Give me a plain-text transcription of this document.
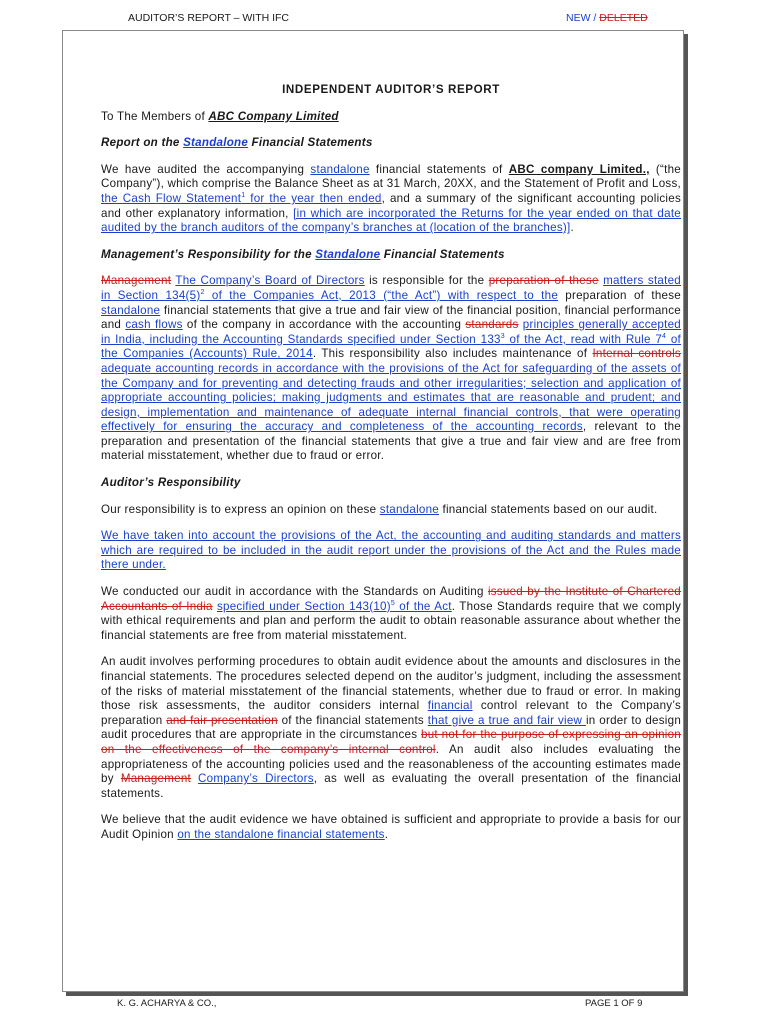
AUDITOR’S REPORT – WITH IFC	NEW / DELETED

INDEPENDENT AUDITOR’S REPORT

To The Members of ABC Company Limited

Report on the Standalone Financial Statements

We have audited the accompanying standalone financial statements of ABC company Limited., (“the Company”), which comprise the Balance Sheet as at 31 March, 20XX, and the Statement of Profit and Loss, the Cash Flow Statement$^1$ for the year then ended, and a summary of the significant accounting policies and other explanatory information, [in which are incorporated the Returns for the year ended on that date audited by the branch auditors of the company’s branches at (location of the branches)].

Management’s Responsibility for the Standalone Financial Statements

Management The Company’s Board of Directors is responsible for the preparation of these matters stated in Section $134(5)^2$ of the Companies Act, 2013 (“the Act”) with respect to the preparation of these standalone financial statements that give a true and fair view of the financial position, financial performance and cash flows of the company in accordance with the accounting standards principles generally accepted in India, including the Accounting Standards specified under Section $133^3$ of the Act, read with Rule $7^4$ of the Companies (Accounts) Rule, 2014. This responsibility also includes maintenance of Internal controls adequate accounting records in accordance with the provisions of the Act for safeguarding of the assets of the Company and for preventing and detecting frauds and other irregularities; selection and application of appropriate accounting policies; making judgments and estimates that are reasonable and prudent; and design, implementation and maintenance of adequate internal financial controls, that were operating effectively for ensuring the accuracy and completeness of the accounting records, relevant to the preparation and presentation of the financial statements that give a true and fair view and are free from material misstatement, whether due to fraud or error.

Auditor’s Responsibility

Our responsibility is to express an opinion on these standalone financial statements based on our audit.

We have taken into account the provisions of the Act, the accounting and auditing standards and matters which are required to be included in the audit report under the provisions of the Act and the Rules made there under.

We conducted our audit in accordance with the Standards on Auditing issued by the Institute of Chartered Accountants of India specified under Section $143(10)^5$ of the Act. Those Standards require that we comply with ethical requirements and plan and perform the audit to obtain reasonable assurance about whether the financial statements are free from material misstatement.

An audit involves performing procedures to obtain audit evidence about the amounts and disclosures in the financial statements. The procedures selected depend on the auditor’s judgment, including the assessment of the risks of material misstatement of the financial statements, whether due to fraud or error. In making those risk assessments, the auditor considers internal financial control relevant to the Company’s preparation and fair presentation of the financial statements that give a true and fair view in order to design audit procedures that are appropriate in the circumstances but not for the purpose of expressing an opinion on the effectiveness of the company’s internal control. An audit also includes evaluating the appropriateness of the accounting policies used and the reasonableness of the accounting estimates made by Management Company’s Directors, as well as evaluating the overall presentation of the financial statements.

We believe that the audit evidence we have obtained is sufficient and appropriate to provide a basis for our Audit Opinion on the standalone financial statements.

K. G. ACHARYA & CO.,	PAGE 1 OF 9
